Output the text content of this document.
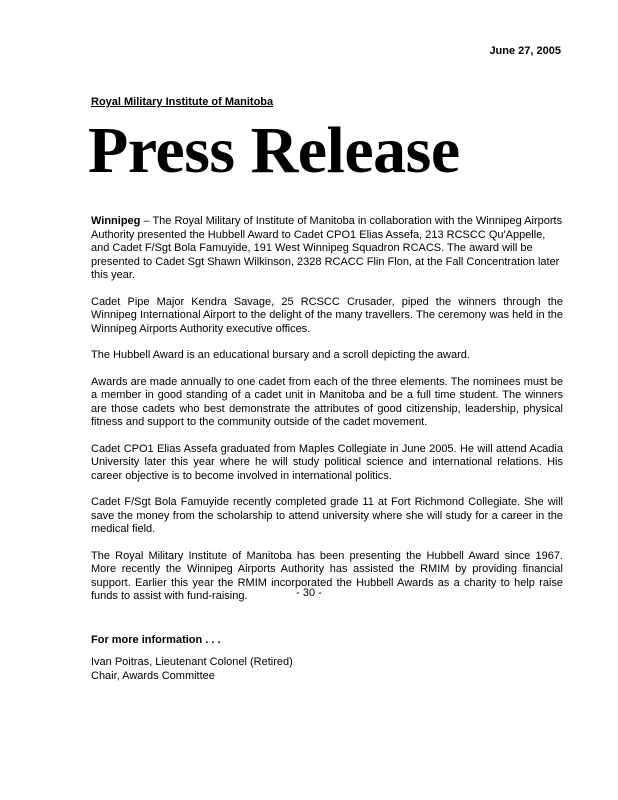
June 27, 2005
Royal Military Institute of Manitoba
Press Release

Winnipeg – The Royal Military of Institute of Manitoba in collaboration with the Winnipeg Airports Authority presented the Hubbell Award to Cadet CPO1 Elias Assefa, 213 RCSCC Qu'Appelle, and Cadet F/Sgt Bola Famuyide, 191 West Winnipeg Squadron RCACS. The award will be presented to Cadet Sgt Shawn Wilkinson, 2328 RCACC Flin Flon, at the Fall Concentration later this year.

Cadet Pipe Major Kendra Savage, 25 RCSCC Crusader, piped the winners through the Winnipeg International Airport to the delight of the many travellers. The ceremony was held in the Winnipeg Airports Authority executive offices.

The Hubbell Award is an educational bursary and a scroll depicting the award.

Awards are made annually to one cadet from each of the three elements. The nominees must be a member in good standing of a cadet unit in Manitoba and be a full time student. The winners are those cadets who best demonstrate the attributes of good citizenship, leadership, physical fitness and support to the community outside of the cadet movement.

Cadet CPO1 Elias Assefa graduated from Maples Collegiate in June 2005. He will attend Acadia University later this year where he will study political science and international relations. His career objective is to become involved in international politics.

Cadet F/Sgt Bola Famuyide recently completed grade 11 at Fort Richmond Collegiate. She will save the money from the scholarship to attend university where she will study for a career in the medical field.

The Royal Military Institute of Manitoba has been presenting the Hubbell Award since 1967. More recently the Winnipeg Airports Authority has assisted the RMIM by providing financial support. Earlier this year the RMIM incorporated the Hubbell Awards as a charity to help raise funds to assist with fund-raising.	- 30 -
For more information . . .
Ivan Poitras, Lieutenant Colonel (Retired)
Chair, Awards Committee
